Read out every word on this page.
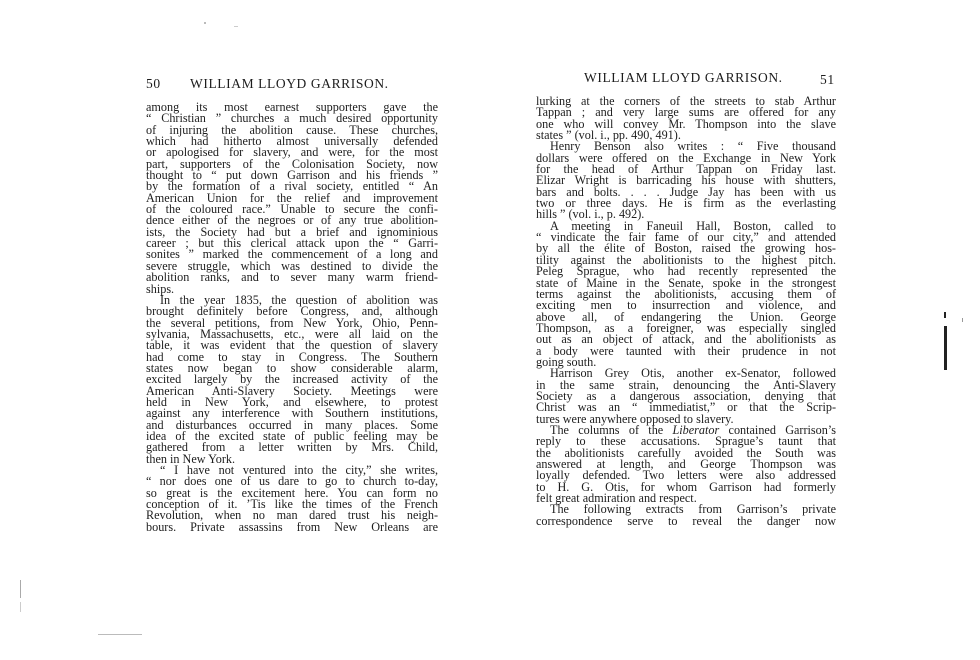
50 WILLIAM LLOYD GARRISON.
among its most earnest supporters gave the
“ Christian ” churches a much desired opportunity
of injuring the abolition cause. These churches,
which had hitherto almost universally defended
or apologised for slavery, and were, for the most
part, supporters of the Colonisation Society, now
thought to “ put down Garrison and his friends ”
by the formation of a rival society, entitled “ An
American Union for the relief and improvement
of the coloured race.” Unable to secure the confi-
dence either of the negroes or of any true abolition-
ists, the Society had but a brief and ignominious
career ; but this clerical attack upon the “ Garri-
sonites ” marked the commencement of a long and
severe struggle, which was destined to divide the
abolition ranks, and to sever many warm friend-
ships.
In the year 1835, the question of abolition was
brought definitely before Congress, and, although
the several petitions, from New York, Ohio, Penn-
sylvania, Massachusetts, etc., were all laid on the
table, it was evident that the question of slavery
had come to stay in Congress. The Southern
states now began to show considerable alarm,
excited largely by the increased activity of the
American Anti-Slavery Society. Meetings were
held in New York, and elsewhere, to protest
against any interference with Southern institutions,
and disturbances occurred in many places. Some
idea of the excited state of public feeling may be
gathered from a letter written by Mrs. Child,
then in New York.
“ I have not ventured into the city,” she writes,
“ nor does one of us dare to go to church to-day,
so great is the excitement here. You can form no
conception of it. ’Tis like the times of the French
Revolution, when no man dared trust his neigh-
bours. Private assassins from New Orleans are
WILLIAM LLOYD GARRISON.	51
lurking at the corners of the streets to stab Arthur
Tappan ; and very large sums are offered for any
one who will convey Mr. Thompson into the slave
states ” (vol. i., pp. 490, 491).
Henry Benson also writes : “ Five thousand
dollars were offered on the Exchange in New York
for the head of Arthur Tappan on Friday last.
Elizar Wright is barricading his house with shutters,
bars and bolts. . . . Judge Jay has been with us
two or three days. He is firm as the everlasting
hills ” (vol. i., p. 492).
A meeting in Faneuil Hall, Boston, called to
“ vindicate the fair fame of our city,” and attended
by all the élite of Boston, raised the growing hos-
tility against the abolitionists to the highest pitch.
Peleg Sprague, who had recently represented the
state of Maine in the Senate, spoke in the strongest
terms against the abolitionists, accusing them of
exciting men to insurrection and violence, and
above all, of endangering the Union. George
Thompson, as a foreigner, was especially singled
out as an object of attack, and the abolitionists as
a body were taunted with their prudence in not
going south.
Harrison Grey Otis, another ex-Senator, followed
in the same strain, denouncing the Anti-Slavery
Society as a dangerous association, denying that
Christ was an “ immediatist,” or that the Scrip-
tures were anywhere opposed to slavery.
The columns of the Liberator contained Garrison’s
reply to these accusations. Sprague’s taunt that
the abolitionists carefully avoided the South was
answered at length, and George Thompson was
loyally defended. Two letters were also addressed
to H. G. Otis, for whom Garrison had formerly
felt great admiration and respect.
The following extracts from Garrison’s private
correspondence serve to reveal the danger now
